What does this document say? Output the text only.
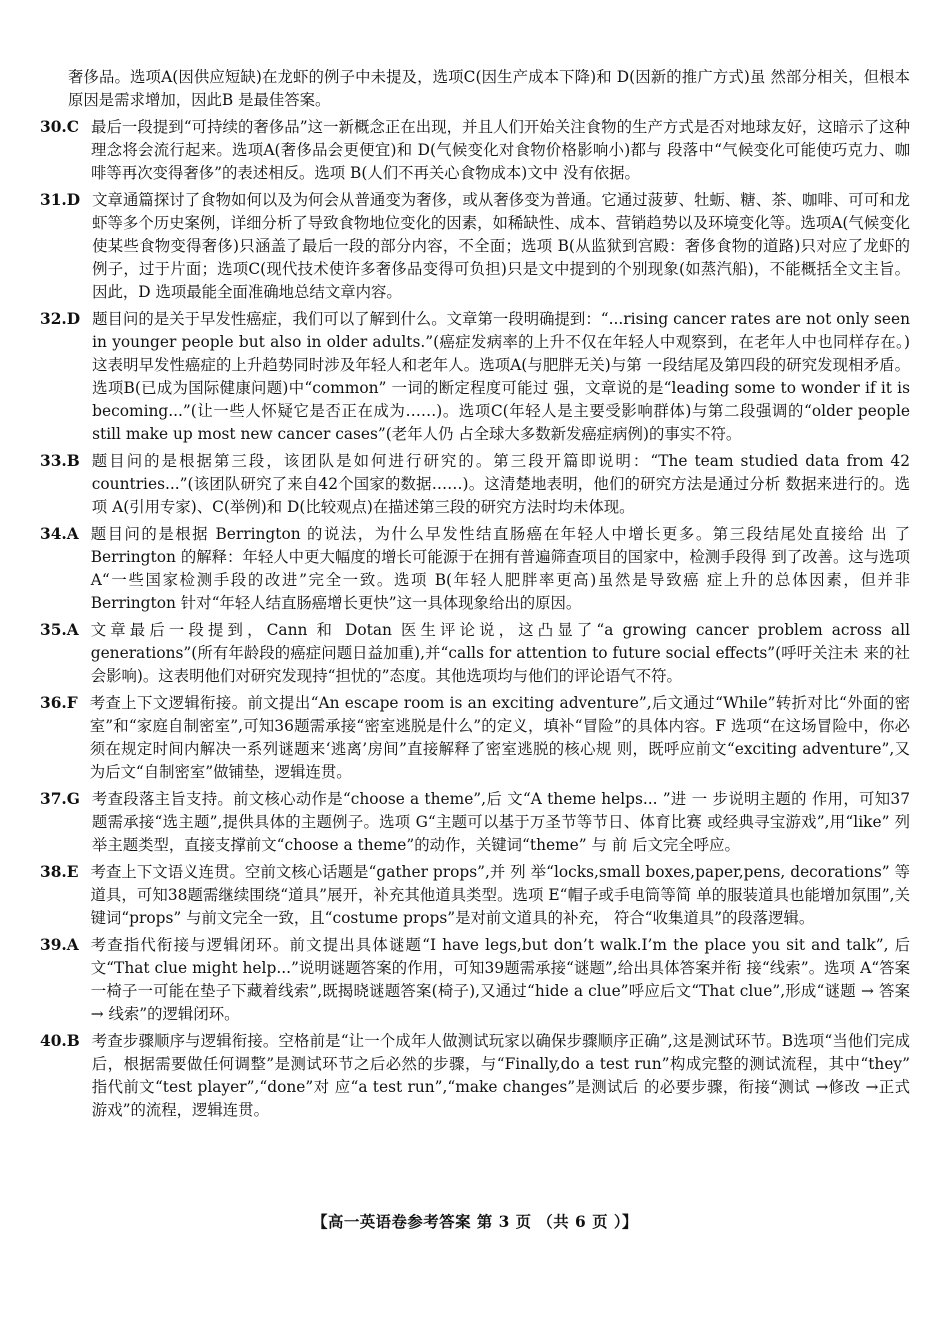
奢侈品。选项A(因供应短缺)在龙虾的例子中未提及，选项C(因生产成本下降)和 D(因新的推广方式)虽 然部分相关，但根本原因是需求增加，因此B 是最佳答案。
30.C 最后一段提到“可持续的奢侈品”这一新概念正在出现，并且人们开始关注食物的生产方式是否对地球友好，这暗示了这种理念将会流行起来。选项A(奢侈品会更便宜)和 D(气候变化对食物价格影响小)都与 段落中“气候变化可能使巧克力、咖啡等再次变得奢侈”的表述相反。选项 B(人们不再关心食物成本)文中 没有依据。
31.D 文章通篇探讨了食物如何以及为何会从普通变为奢侈，或从奢侈变为普通。它通过菠萝、牡蛎、糖、茶、咖啡、可可和龙虾等多个历史案例，详细分析了导致食物地位变化的因素，如稀缺性、成本、营销趋势以及环境变化等。选项A(气候变化使某些食物变得奢侈)只涵盖了最后一段的部分内容，不全面；选项 B(从监狱到宫殿：奢侈食物的道路)只对应了龙虾的例子，过于片面；选项C(现代技术使许多奢侈品变得可负担)只是文中提到的个别现象(如蒸汽船)，不能概括全文主旨。因此，D 选项最能全面准确地总结文章内容。
32.D 题目问的是关于早发性癌症，我们可以了解到什么。文章第一段明确提到：“...rising cancer rates are not only seen in younger people but also in older adults.”(癌症发病率的上升不仅在年轻人中观察到，在老年人中也同样存在。)这表明早发性癌症的上升趋势同时涉及年轻人和老年人。选项A(与肥胖无关)与第 一段结尾及第四段的研究发现相矛盾。选项B(已成为国际健康问题)中“common” 一词的断定程度可能过 强，文章说的是“leading some to wonder if it is becoming...”(让一些人怀疑它是否正在成为……)。选项C(年轻人是主要受影响群体)与第二段强调的“older people still make up most new cancer cases”(老年人仍 占全球大多数新发癌症病例)的事实不符。
33.B 题目问的是根据第三段，该团队是如何进行研究的。第三段开篇即说明：“The team studied data from 42 countries...”(该团队研究了来自42个国家的数据……)。这清楚地表明，他们的研究方法是通过分析 数据来进行的。选项 A(引用专家)、C(举例)和 D(比较观点)在描述第三段的研究方法时均未体现。
34.A 题目问的是根据 Berrington 的说法，为什么早发性结直肠癌在年轻人中增长更多。第三段结尾处直接给 出 了Berrington 的解释：年轻人中更大幅度的增长可能源于在拥有普遍筛查项目的国家中，检测手段得 到了改善。这与选项 A“一些国家检测手段的改进”完全一致。选项 B(年轻人肥胖率更高)虽然是导致癌 症上升的总体因素，但并非 Berrington 针对“年轻人结直肠癌增长更快”这一具体现象给出的原因。
35.A 文章最后一段提到，Cann 和 Dotan 医生评论说，这凸显了“a growing cancer problem across all generations”(所有年龄段的癌症问题日益加重),并“calls for attention to future social effects”(呼吁关注未 来的社会影响)。这表明他们对研究发现持“担忧的”态度。其他选项均与他们的评论语气不符。
36.F 考查上下文逻辑衔接。前文提出“An escape room is an exciting adventure”,后文通过“While”转折对比“外面的密室”和“家庭自制密室”,可知36题需承接“密室逃脱是什么”的定义，填补“冒险”的具体内容。F 选项“在这场冒险中，你必须在规定时间内解决一系列谜题来‘逃离’房间”直接解释了密室逃脱的核心规 则，既呼应前文“exciting adventure”,又为后文“自制密室”做铺垫，逻辑连贯。
37.G 考查段落主旨支持。前文核心动作是“choose a theme”,后 文“A theme helps... ”进 一 步说明主题的 作用，可知37题需承接“选主题”,提供具体的主题例子。选项 G“主题可以基于万圣节等节日、体育比赛 或经典寻宝游戏”,用“like” 列举主题类型，直接支撑前文“choose a theme”的动作，关键词“theme” 与 前 后文完全呼应。
38.E 考查上下文语义连贯。空前文核心话题是“gather props”,并 列 举“locks,small boxes,paper,pens, decorations” 等道具，可知38题需继续围绕“道具”展开，补充其他道具类型。选项 E“帽子或手电筒等简 单的服装道具也能增加氛围”,关键词“props” 与前文完全一致，且“costume props”是对前文道具的补充， 符合“收集道具”的段落逻辑。
39.A 考查指代衔接与逻辑闭环。前文提出具体谜题“I have legs,but don’t walk.I’m the place you sit and talk”, 后文“That clue might help...”说明谜题答案的作用，可知39题需承接“谜题”,给出具体答案并衔 接“线索”。选项 A“答案一椅子一可能在垫子下藏着线索”,既揭晓谜题答案(椅子),又通过“hide a clue”呼应后文“That clue”,形成“谜题 → 答案 → 线索”的逻辑闭环。
40.B 考查步骤顺序与逻辑衔接。空格前是“让一个成年人做测试玩家以确保步骤顺序正确”,这是测试环节。B选项“当他们完成后，根据需要做任何调整”是测试环节之后必然的步骤，与“Finally,do a test run”构成完整的测试流程，其中“they” 指代前文“test player”,“done”对 应“a test run”,“make changes”是测试后 的必要步骤，衔接“测试 →修改 →正式游戏”的流程，逻辑连贯。
【高一英语卷参考答案 第 3 页 （共 6 页 ）】
